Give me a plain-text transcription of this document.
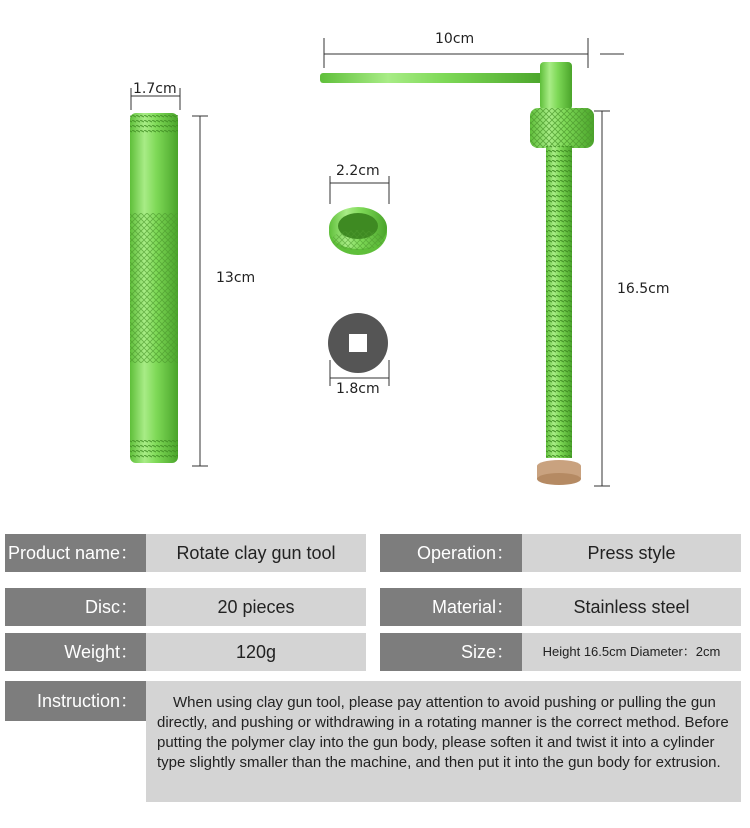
1.7cm
13cm
2.2cm
1.8cm
10cm
16.5cm
Product name：	Rotate clay gun tool	Operation：	Press style
Disc：	20 pieces	Material：	Stainless steel
Weight：	120g	Size：	Height 16.5cm Diameter：2cm
Instruction：	When using clay gun tool, please pay attention to avoid pushing or pulling the gun directly, and pushing or withdrawing in a rotating manner is the correct method. Before putting the polymer clay into the gun body, please soften it and twist it into a cylinder type slightly smaller than the machine, and then put it into the gun body for extrusion.
